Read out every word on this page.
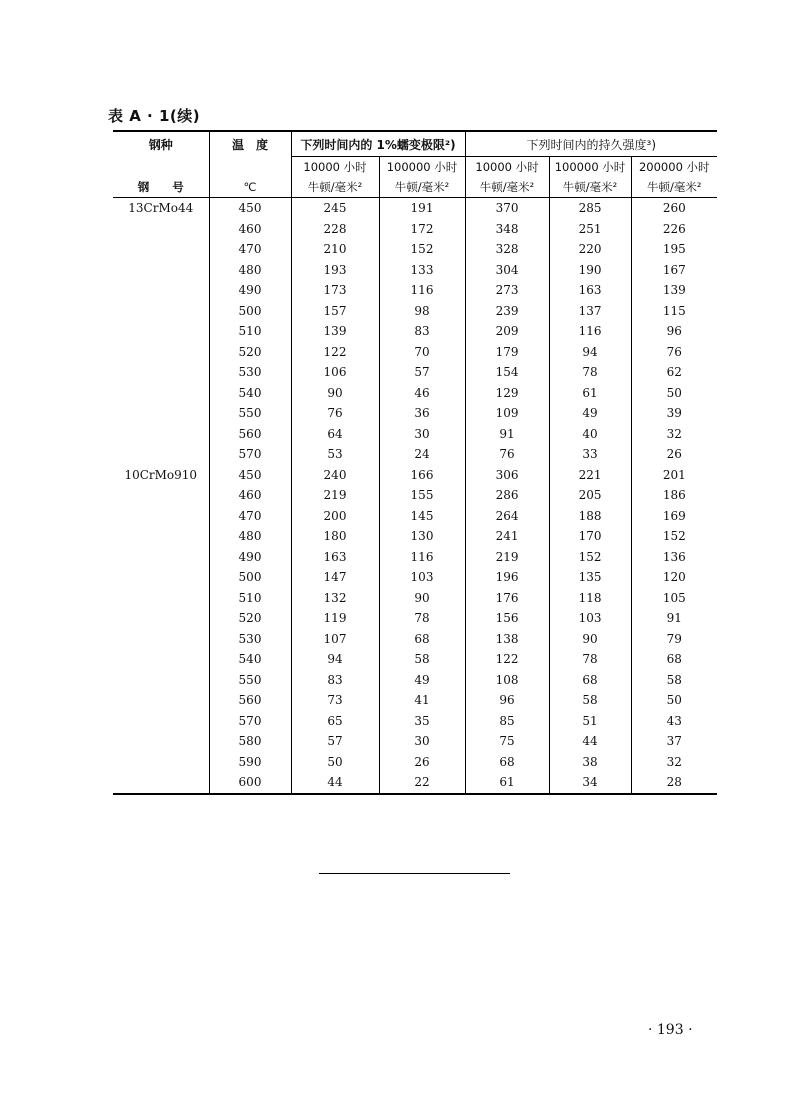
表 A · 1(续)
钢种	温　度	下列时间内的 1%蠕变极限²)		下列时间内的持久强度³)		
		10000 小时	100000 小时	10000 小时	100000 小时	200000 小时
钢　　号	℃	牛顿/毫米²	牛顿/毫米²	牛顿/毫米²	牛顿/毫米²	牛顿/毫米²
13CrMo44	450	245	191	370	285	260
	460	228	172	348	251	226
	470	210	152	328	220	195
	480	193	133	304	190	167
	490	173	116	273	163	139
	500	157	98	239	137	115
	510	139	83	209	116	96
	520	122	70	179	94	76
	530	106	57	154	78	62
	540	90	46	129	61	50
	550	76	36	109	49	39
	560	64	30	91	40	32
	570	53	24	76	33	26
10CrMo910	450	240	166	306	221	201
	460	219	155	286	205	186
	470	200	145	264	188	169
	480	180	130	241	170	152
	490	163	116	219	152	136
	500	147	103	196	135	120
	510	132	90	176	118	105
	520	119	78	156	103	91
	530	107	68	138	90	79
	540	94	58	122	78	68
	550	83	49	108	68	58
	560	73	41	96	58	50
	570	65	35	85	51	43
	580	57	30	75	44	37
	590	50	26	68	38	32
	600	44	22	61	34	28
· 193 ·
